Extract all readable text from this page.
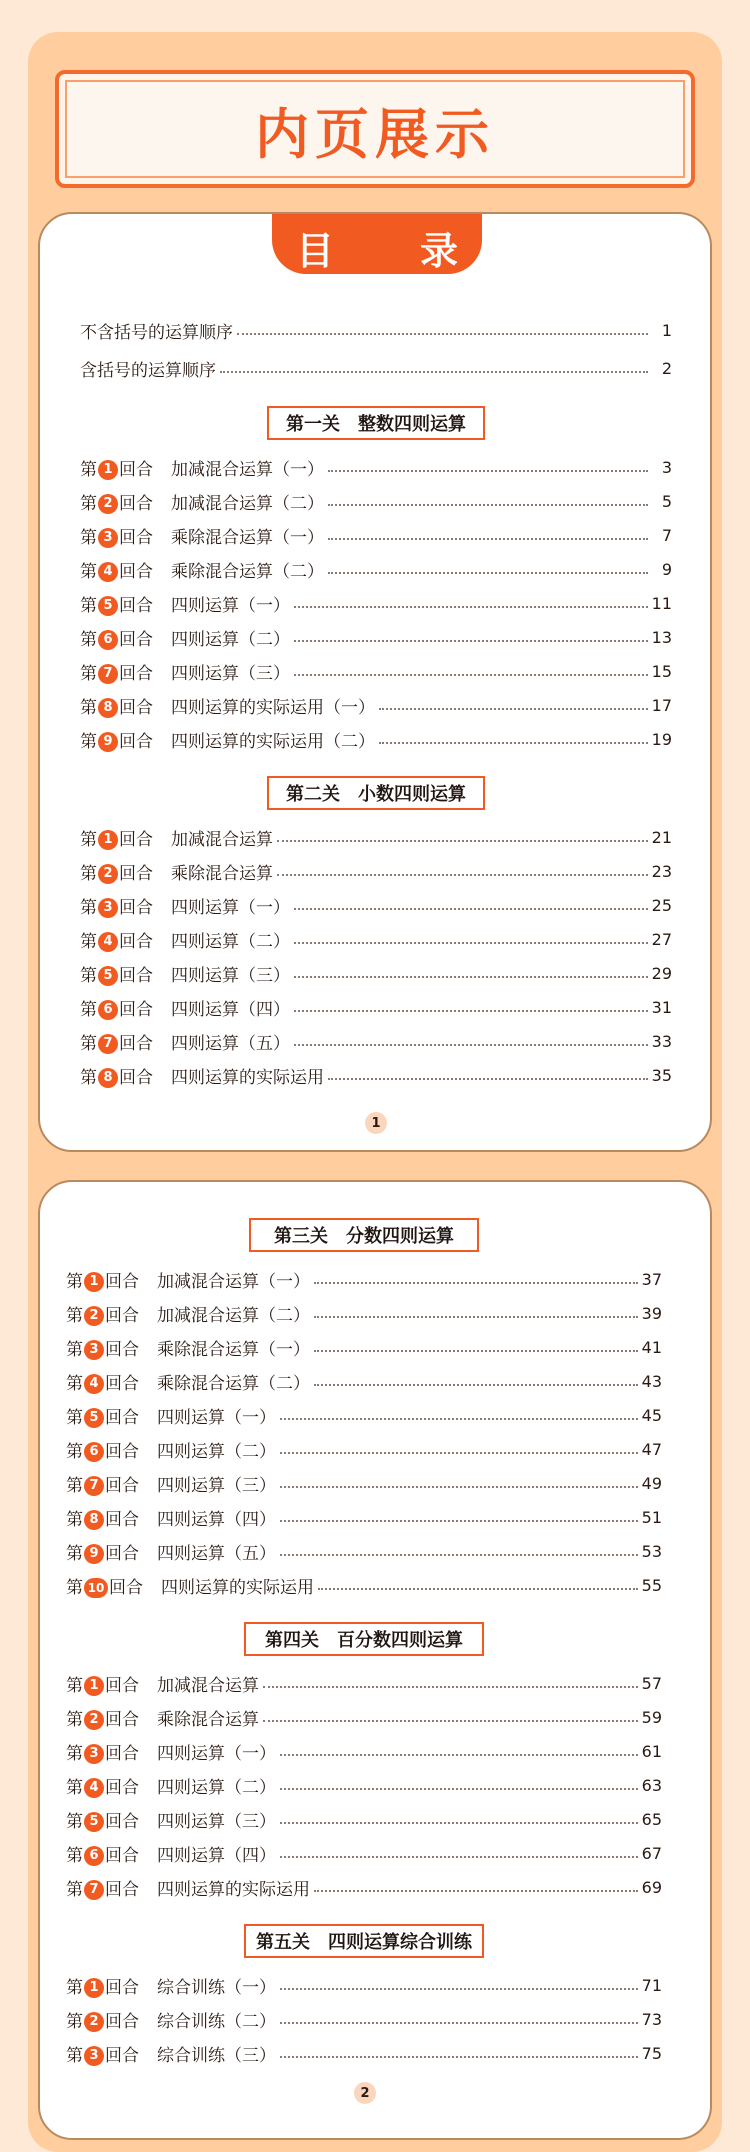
内页展示
目　录
不含括号的运算顺序	1
含括号的运算顺序	2
第一关　整数四则运算
第 1 回合 加减混合运算（一）	3
第 2 回合 加减混合运算（二）	5
第 3 回合 乘除混合运算（一）	7
第 4 回合 乘除混合运算（二）	9
第 5 回合 四则运算（一）	11
第 6 回合 四则运算（二）	13
第 7 回合 四则运算（三）	15
第 8 回合 四则运算的实际运用（一）	17
第 9 回合 四则运算的实际运用（二）	19
第二关　小数四则运算
第 1 回合 加减混合运算	21
第 2 回合 乘除混合运算	23
第 3 回合 四则运算（一）	25
第 4 回合 四则运算（二）	27
第 5 回合 四则运算（三）	29
第 6 回合 四则运算（四）	31
第 7 回合 四则运算（五）	33
第 8 回合 四则运算的实际运用	35
1
第三关　分数四则运算
第 1 回合 加减混合运算（一）	37
第 2 回合 加减混合运算（二）	39
第 3 回合 乘除混合运算（一）	41
第 4 回合 乘除混合运算（二）	43
第 5 回合 四则运算（一）	45
第 6 回合 四则运算（二）	47
第 7 回合 四则运算（三）	49
第 8 回合 四则运算（四）	51
第 9 回合 四则运算（五）	53
第 10 回合 四则运算的实际运用	55
第四关　百分数四则运算
第 1 回合 加减混合运算	57
第 2 回合 乘除混合运算	59
第 3 回合 四则运算（一）	61
第 4 回合 四则运算（二）	63
第 5 回合 四则运算（三）	65
第 6 回合 四则运算（四）	67
第 7 回合 四则运算的实际运用	69
第五关　四则运算综合训练
第 1 回合 综合训练（一）	71
第 2 回合 综合训练（二）	73
第 3 回合 综合训练（三）	75
2
